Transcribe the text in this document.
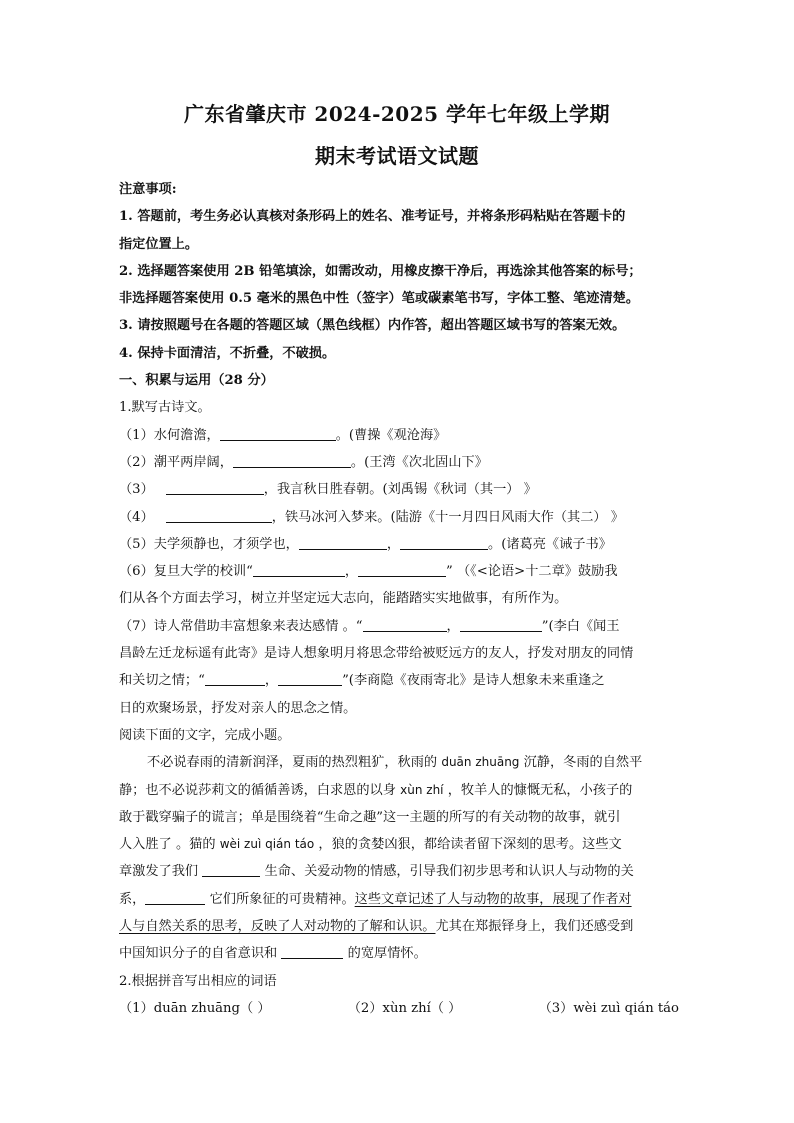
广东省肇庆市 2024-2025 学年七年级上学期
期末考试语文试题
注意事项:
1. 答题前，考生务必认真核对条形码上的姓名、准考证号，并将条形码粘贴在答题卡的
指定位置上。
2. 选择题答案使用 2B 铅笔填涂，如需改动，用橡皮擦干净后，再选涂其他答案的标号；
非选择题答案使用 0.5 毫米的黑色中性（签字）笔或碳素笔书写，字体工整、笔迹清楚。
3. 请按照题号在各题的答题区域（黑色线框）内作答，超出答题区域书写的答案无效。
4. 保持卡面清洁，不折叠，不破损。
一、积累与运用（28 分）
1.默写古诗文。
（1）水何澹澹，	。(曹操《观沧海》
（2）潮平两岸阔，	。(王湾《次北固山下》
（3）	，我言秋日胜春朝。(刘禹锡《秋词（其一） 》
（4）	，铁马冰河入梦来。(陆游《十一月四日风雨大作（其二） 》
（5）夫学须静也，才须学也，	，	。(诸葛亮《诫子书》
（6）复旦大学的校训“	，	” （《<论语>十二章》鼓励我
们从各个方面去学习，树立并坚定远大志向，能踏踏实实地做事，有所作为。
（7）诗人常借助丰富想象来表达感情 。“	，	”(李白《闻王
昌龄左迁龙标遥有此寄》是诗人想象明月将思念带给被贬远方的友人，抒发对朋友的同情
和关切之情；“	，	”(李商隐《夜雨寄北》是诗人想象未来重逢之
日的欢聚场景，抒发对亲人的思念之情。
阅读下面的文字，完成小题。
不必说春雨的清新润泽，夏雨的热烈粗犷，秋雨的 duān zhuāng 沉静，冬雨的自然平
静；也不必说莎莉文的循循善诱，白求恩的以身 xùn zhí ，牧羊人的慷慨无私，小孩子的
敢于戳穿骗子的谎言；单是围绕着“生命之趣”这一主题的所写的有关动物的故事，就引
人入胜了 。猫的 wèi zuì qián táo ，狼的贪婪凶狠，都给读者留下深刻的思考。这些文
章激发了我们	生命、关爱动物的情感，引导我们初步思考和认识人与动物的关
系，	它们所象征的可贵精神。这些文章记述了人与动物的故事，展现了作者对
人与自然关系的思考，反映了人对动物的了解和认识。尤其在郑振铎身上，我们还感受到
中国知识分子的自省意识和	的宽厚情怀。
2.根据拼音写出相应的词语
（1）duān zhuāng（ ）	（2）xùn zhí（ ）	（3）wèi zuì qián táo
